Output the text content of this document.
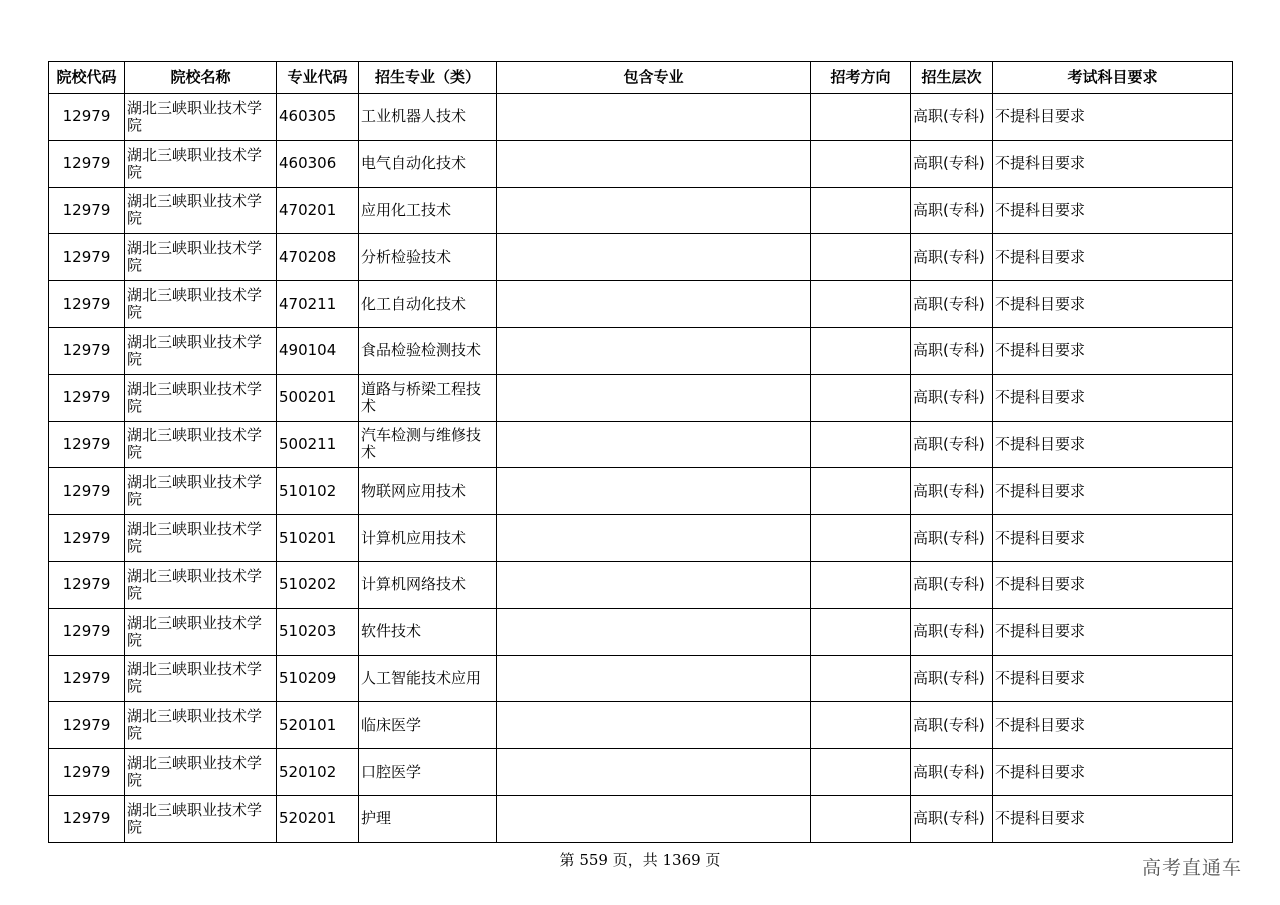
院校代码	院校名称	专业代码	招生专业（类）	包含专业	招考方向	招生层次	考试科目要求
12979	湖北三峡职业技术学院	460305	工业机器人技术			高职(专科)	不提科目要求
12979	湖北三峡职业技术学院	460306	电气自动化技术			高职(专科)	不提科目要求
12979	湖北三峡职业技术学院	470201	应用化工技术			高职(专科)	不提科目要求
12979	湖北三峡职业技术学院	470208	分析检验技术			高职(专科)	不提科目要求
12979	湖北三峡职业技术学院	470211	化工自动化技术			高职(专科)	不提科目要求
12979	湖北三峡职业技术学院	490104	食品检验检测技术			高职(专科)	不提科目要求
12979	湖北三峡职业技术学院	500201	道路与桥梁工程技术			高职(专科)	不提科目要求
12979	湖北三峡职业技术学院	500211	汽车检测与维修技术			高职(专科)	不提科目要求
12979	湖北三峡职业技术学院	510102	物联网应用技术			高职(专科)	不提科目要求
12979	湖北三峡职业技术学院	510201	计算机应用技术			高职(专科)	不提科目要求
12979	湖北三峡职业技术学院	510202	计算机网络技术			高职(专科)	不提科目要求
12979	湖北三峡职业技术学院	510203	软件技术			高职(专科)	不提科目要求
12979	湖北三峡职业技术学院	510209	人工智能技术应用			高职(专科)	不提科目要求
12979	湖北三峡职业技术学院	520101	临床医学			高职(专科)	不提科目要求
12979	湖北三峡职业技术学院	520102	口腔医学			高职(专科)	不提科目要求
12979	湖北三峡职业技术学院	520201	护理			高职(专科)	不提科目要求
第 559 页，共 1369 页	高考直通车
